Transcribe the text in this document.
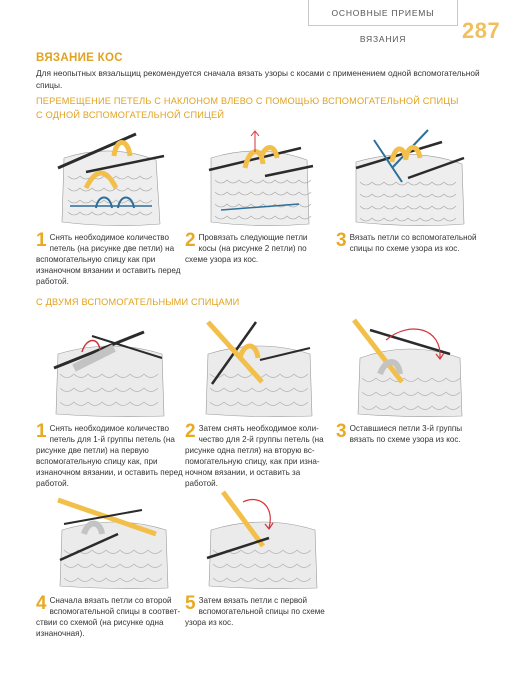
ОСНОВНЫЕ ПРИЕМЫ ВЯЗАНИЯ	287
ВЯЗАНИЕ КОС
Для неопытных вязальщиц рекомендуется сначала вязать узоры с косами с применением одной вспомогательной спицы.
ПЕРЕМЕЩЕНИЕ ПЕТЕЛЬ С НАКЛОНОМ ВЛЕВО С ПОМОЩЬЮ ВСПОМОГАТЕЛЬНОЙ СПИЦЫ
С ОДНОЙ ВСПОМОГАТЕЛЬНОЙ СПИЦЕЙ
1 Снять необходимое количество петель (на рисунке две петли) на вспомогательную спицу как при изнаночном вязании и оставить перед работой.
2 Провязать следующие петли косы (на рисунке 2 петли) по схеме узора из кос.
3 Вязать петли со вспомогательной спицы по схеме узора из кос.
С ДВУМЯ ВСПОМОГАТЕЛЬНЫМИ СПИЦАМИ
1 Снять необходимое количество петель для 1-й группы петель (на рисунке две петли) на первую вспомогательную спицу как, при изнаночном вязании, и оставить перед работой.
2 Затем снять необходимое количество для 2-й группы петель (на рисунке одна петля) на вторую вспомогательную спицу, как при изнаночном вязании, и оставить за работой.
3 Оставшиеся петли 3-й группы вязать по схеме узора из кос.
4 Сначала вязать петли со второй вспомогательной спицы в соответствии со схемой (на рисунке одна изнаночная).
5 Затем вязать петли с первой вспомогательной спицы по схеме узора из кос.
